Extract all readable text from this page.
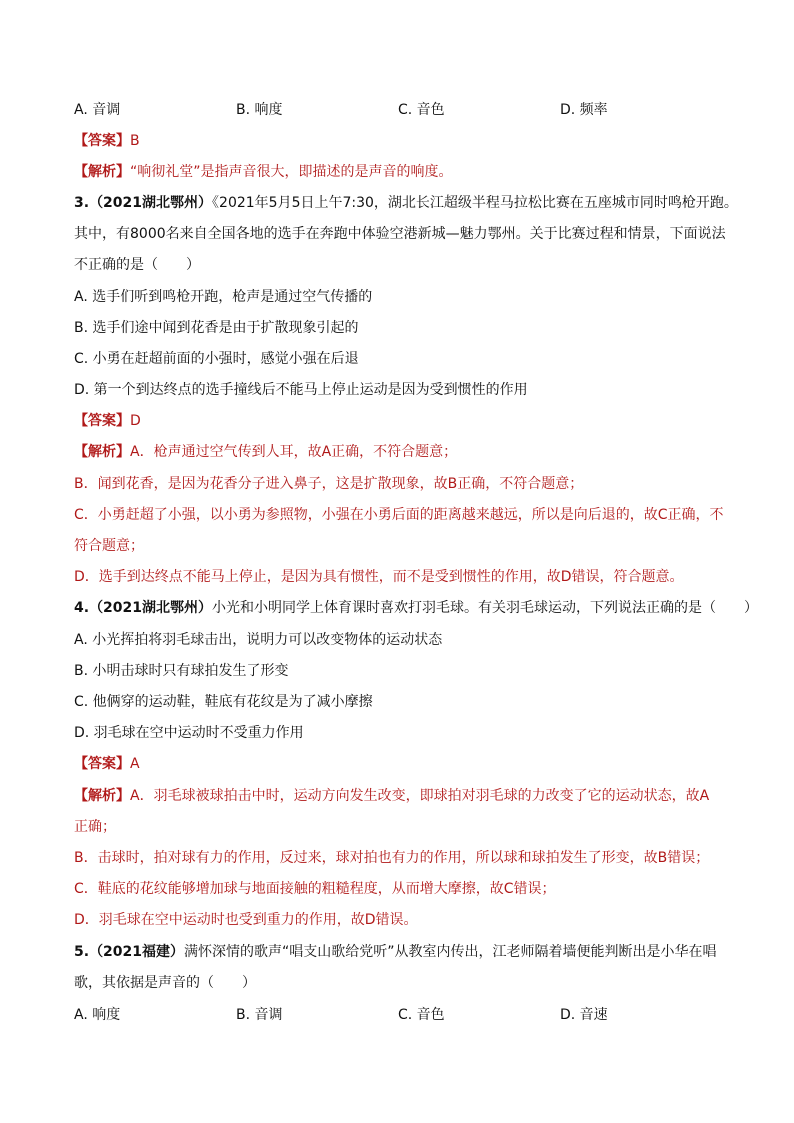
A. 音调	B. 响度	C. 音色	D. 频率
【答案】B
【解析】“响彻礼堂”是指声音很大，即描述的是声音的响度。
3.（2021湖北鄂州）《2021年5月5日上午7:30，湖北长江超级半程马拉松比赛在五座城市同时鸣枪开跑。
其中，有8000名来自全国各地的选手在奔跑中体验空港新城—魅力鄂州。关于比赛过程和情景，下面说法
不正确的是（　　）
A. 选手们听到鸣枪开跑，枪声是通过空气传播的
B. 选手们途中闻到花香是由于扩散现象引起的
C. 小勇在赶超前面的小强时，感觉小强在后退
D. 第一个到达终点的选手撞线后不能马上停止运动是因为受到惯性的作用
【答案】D
【解析】A．枪声通过空气传到人耳，故A正确，不符合题意；
B．闻到花香，是因为花香分子进入鼻子，这是扩散现象，故B正确，不符合题意；
C．小勇赶超了小强，以小勇为参照物，小强在小勇后面的距离越来越远，所以是向后退的，故C正确，不
符合题意；
D．选手到达终点不能马上停止，是因为具有惯性，而不是受到惯性的作用，故D错误，符合题意。
4.（2021湖北鄂州）小光和小明同学上体育课时喜欢打羽毛球。有关羽毛球运动，下列说法正确的是（　　）
A. 小光挥拍将羽毛球击出，说明力可以改变物体的运动状态
B. 小明击球时只有球拍发生了形变
C. 他俩穿的运动鞋，鞋底有花纹是为了减小摩擦
D. 羽毛球在空中运动时不受重力作用
【答案】A
【解析】A．羽毛球被球拍击中时，运动方向发生改变，即球拍对羽毛球的力改变了它的运动状态，故A
正确；
B．击球时，拍对球有力的作用，反过来，球对拍也有力的作用，所以球和球拍发生了形变，故B错误；
C．鞋底的花纹能够增加球与地面接触的粗糙程度，从而增大摩擦，故C错误；
D．羽毛球在空中运动时也受到重力的作用，故D错误。
5.（2021福建）满怀深情的歌声“唱支山歌给党听”从教室内传出，江老师隔着墙便能判断出是小华在唱
歌，其依据是声音的（　　）
A. 响度	B. 音调	C. 音色	D. 音速
